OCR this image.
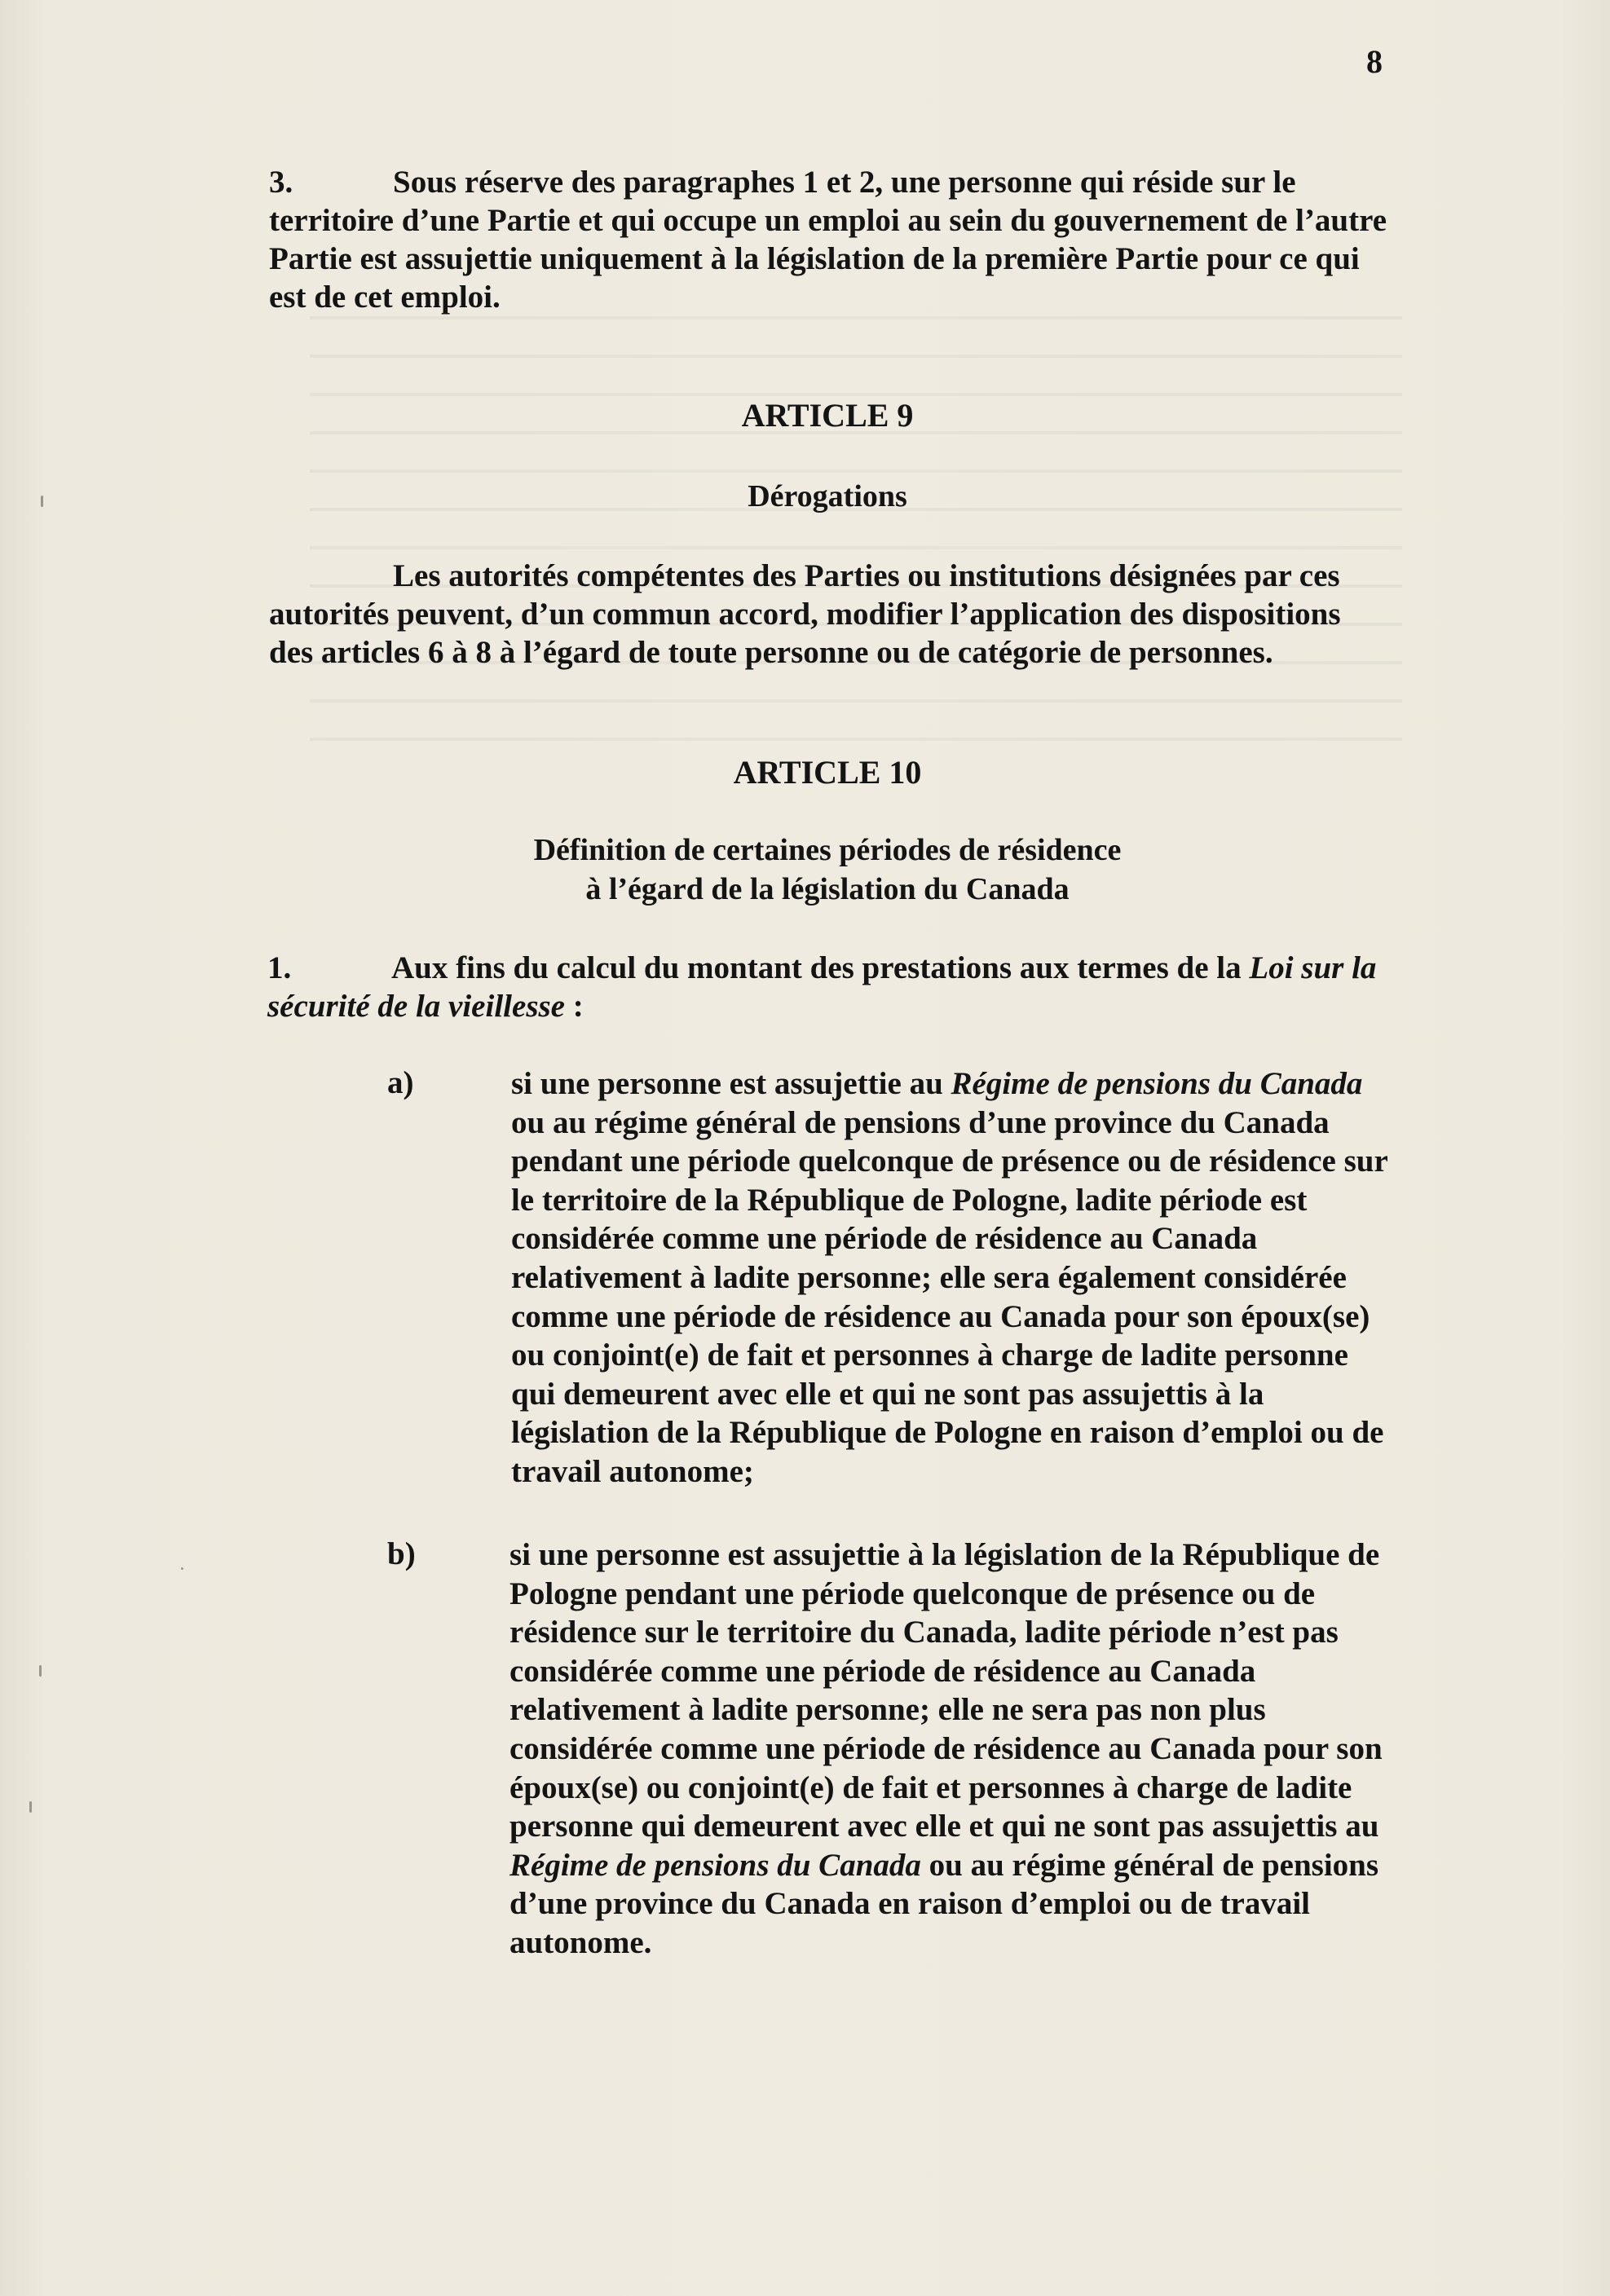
8

3.	Sous réserve des paragraphes 1 et 2, une personne qui réside sur le territoire d’une Partie et qui occupe un emploi au sein du gouvernement de l’autre Partie est assujettie uniquement à la législation de la première Partie pour ce qui est de cet emploi.

ARTICLE 9
Dérogations

Les autorités compétentes des Parties ou institutions désignées par ces autorités peuvent, d’un commun accord, modifier l’application des dispositions des articles 6 à 8 à l’égard de toute personne ou de catégorie de personnes.

ARTICLE 10
Définition de certaines périodes de résidence
à l’égard de la législation du Canada

1.	Aux fins du calcul du montant des prestations aux termes de la Loi sur la sécurité de la vieillesse :

a)	si une personne est assujettie au Régime de pensions du Canada ou au régime général de pensions d’une province du Canada pendant une période quelconque de présence ou de résidence sur le territoire de la République de Pologne, ladite période est considérée comme une période de résidence au Canada relativement à ladite personne; elle sera également considérée comme une période de résidence au Canada pour son époux(se) ou conjoint(e) de fait et personnes à charge de ladite personne qui demeurent avec elle et qui ne sont pas assujettis à la législation de la République de Pologne en raison d’emploi ou de travail autonome;

b)	si une personne est assujettie à la législation de la République de Pologne pendant une période quelconque de présence ou de résidence sur le territoire du Canada, ladite période n’est pas considérée comme une période de résidence au Canada relativement à ladite personne; elle ne sera pas non plus considérée comme une période de résidence au Canada pour son époux(se) ou conjoint(e) de fait et personnes à charge de ladite personne qui demeurent avec elle et qui ne sont pas assujettis au Régime de pensions du Canada ou au régime général de pensions d’une province du Canada en raison d’emploi ou de travail autonome.
